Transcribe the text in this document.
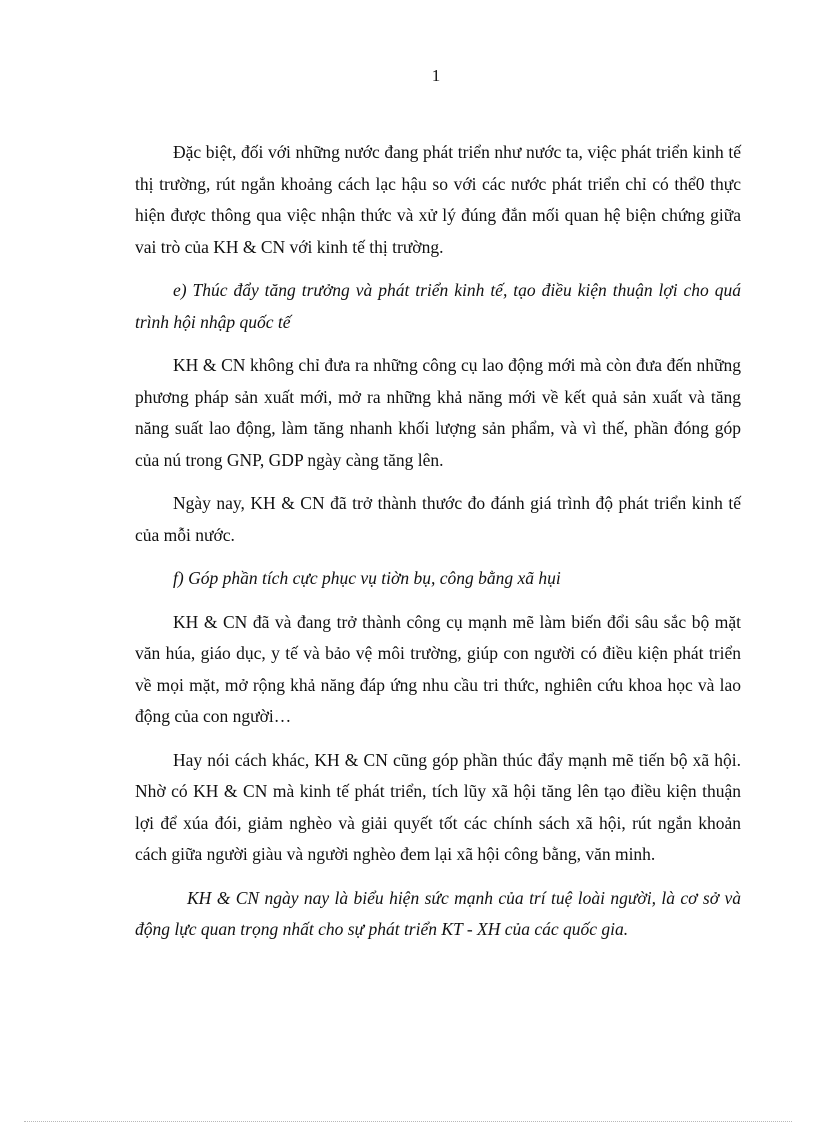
1

Đặc biệt, đối với những nước đang phát triển như nước ta, việc phát triển kinh tế thị trường, rút ngắn khoảng cách lạc hậu so với các nước phát triển chỉ có thể0 thực hiện được thông qua việc nhận thức và xử lý đúng đắn mối quan hệ biện chứng giữa vai trò của KH & CN với kinh tế thị trường.

e) Thúc đẩy tăng trưởng và phát triển kinh tế, tạo điều kiện thuận lợi cho quá trình hội nhập quốc tế

KH & CN không chỉ đưa ra những công cụ lao động mới mà còn đưa đến những phương pháp sản xuất mới, mở ra những khả năng mới về kết quả sản xuất và tăng năng suất lao động, làm tăng nhanh khối lượng sản phẩm, và vì thế, phần đóng góp của nú trong GNP, GDP ngày càng tăng lên.

Ngày nay, KH & CN đã trở thành thước đo đánh giá trình độ phát triển kinh tế của mỗi nước.

f) Góp phần tích cực phục vụ tiờn bụ, công bằng xã hụi

KH & CN đã và đang trở thành công cụ mạnh mẽ làm biến đổi sâu sắc bộ mặt văn húa, giáo dục, y tế và bảo vệ môi trường, giúp con người có điều kiện phát triển về mọi mặt, mở rộng khả năng đáp ứng nhu cầu tri thức, nghiên cứu khoa học và lao động của con người…

Hay nói cách khác, KH & CN cũng góp phần thúc đẩy mạnh mẽ tiến bộ xã hội. Nhờ có KH & CN mà kinh tế phát triển, tích lũy xã hội tăng lên tạo điều kiện thuận lợi để xúa đói, giảm nghèo và giải quyết tốt các chính sách xã hội, rút ngắn khoản cách giữa người giàu và người nghèo đem lại xã hội công bằng, văn minh.

KH & CN ngày nay là biểu hiện sức mạnh của trí tuệ loài người, là cơ sở và động lực quan trọng nhất cho sự phát triển KT - XH của các quốc gia.
